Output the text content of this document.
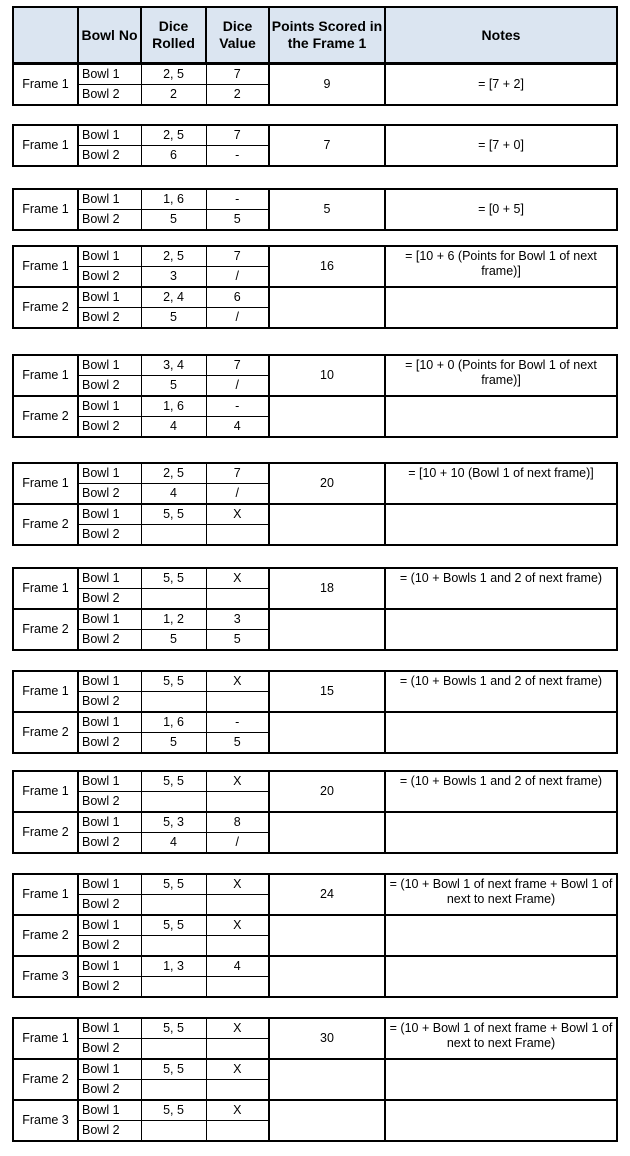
	Bowl No	Dice Rolled	Dice Value	Points Scored in the Frame 1	Notes
Frame 1	Bowl 1	2, 5	7	9	= [7 + 2]
	Bowl 2	2	2		
Frame 1	Bowl 1	2, 5	7	7	= [7 + 0]
	Bowl 2	6	-		
Frame 1	Bowl 1	1, 6	-	5	= [0 + 5]
	Bowl 2	5	5		
Frame 1	Bowl 1	2, 5	7	16	= [10 + 6 (Points for Bowl 1 of next frame)]
	Bowl 2	3	/		
Frame 2	Bowl 1	2, 4	6		
	Bowl 2	5	/		
Frame 1	Bowl 1	3, 4	7	10	= [10 + 0 (Points for Bowl 1 of next frame)]
	Bowl 2	5	/		
Frame 2	Bowl 1	1, 6	-		
	Bowl 2	4	4		
Frame 1	Bowl 1	2, 5	7	20	= [10 + 10 (Bowl 1 of next frame)]
	Bowl 2	4	/		
Frame 2	Bowl 1	5, 5	X		
	Bowl 2				
Frame 1	Bowl 1	5, 5	X	18	= (10 + Bowls 1 and 2 of next frame)
	Bowl 2				
Frame 2	Bowl 1	1, 2	3		
	Bowl 2	5	5		
Frame 1	Bowl 1	5, 5	X	15	= (10 + Bowls 1 and 2 of next frame)
	Bowl 2				
Frame 2	Bowl 1	1, 6	-		
	Bowl 2	5	5		
Frame 1	Bowl 1	5, 5	X	20	= (10 + Bowls 1 and 2 of next frame)
	Bowl 2				
Frame 2	Bowl 1	5, 3	8		
	Bowl 2	4	/		
Frame 1	Bowl 1	5, 5	X	24	= (10 + Bowl 1 of next frame + Bowl 1 of next to next Frame)
	Bowl 2				
Frame 2	Bowl 1	5, 5	X		
	Bowl 2				
Frame 3	Bowl 1	1, 3	4		
	Bowl 2				
Frame 1	Bowl 1	5, 5	X	30	= (10 + Bowl 1 of next frame + Bowl 1 of next to next Frame)
	Bowl 2				
Frame 2	Bowl 1	5, 5	X		
	Bowl 2				
Frame 3	Bowl 1	5, 5	X		
	Bowl 2				
